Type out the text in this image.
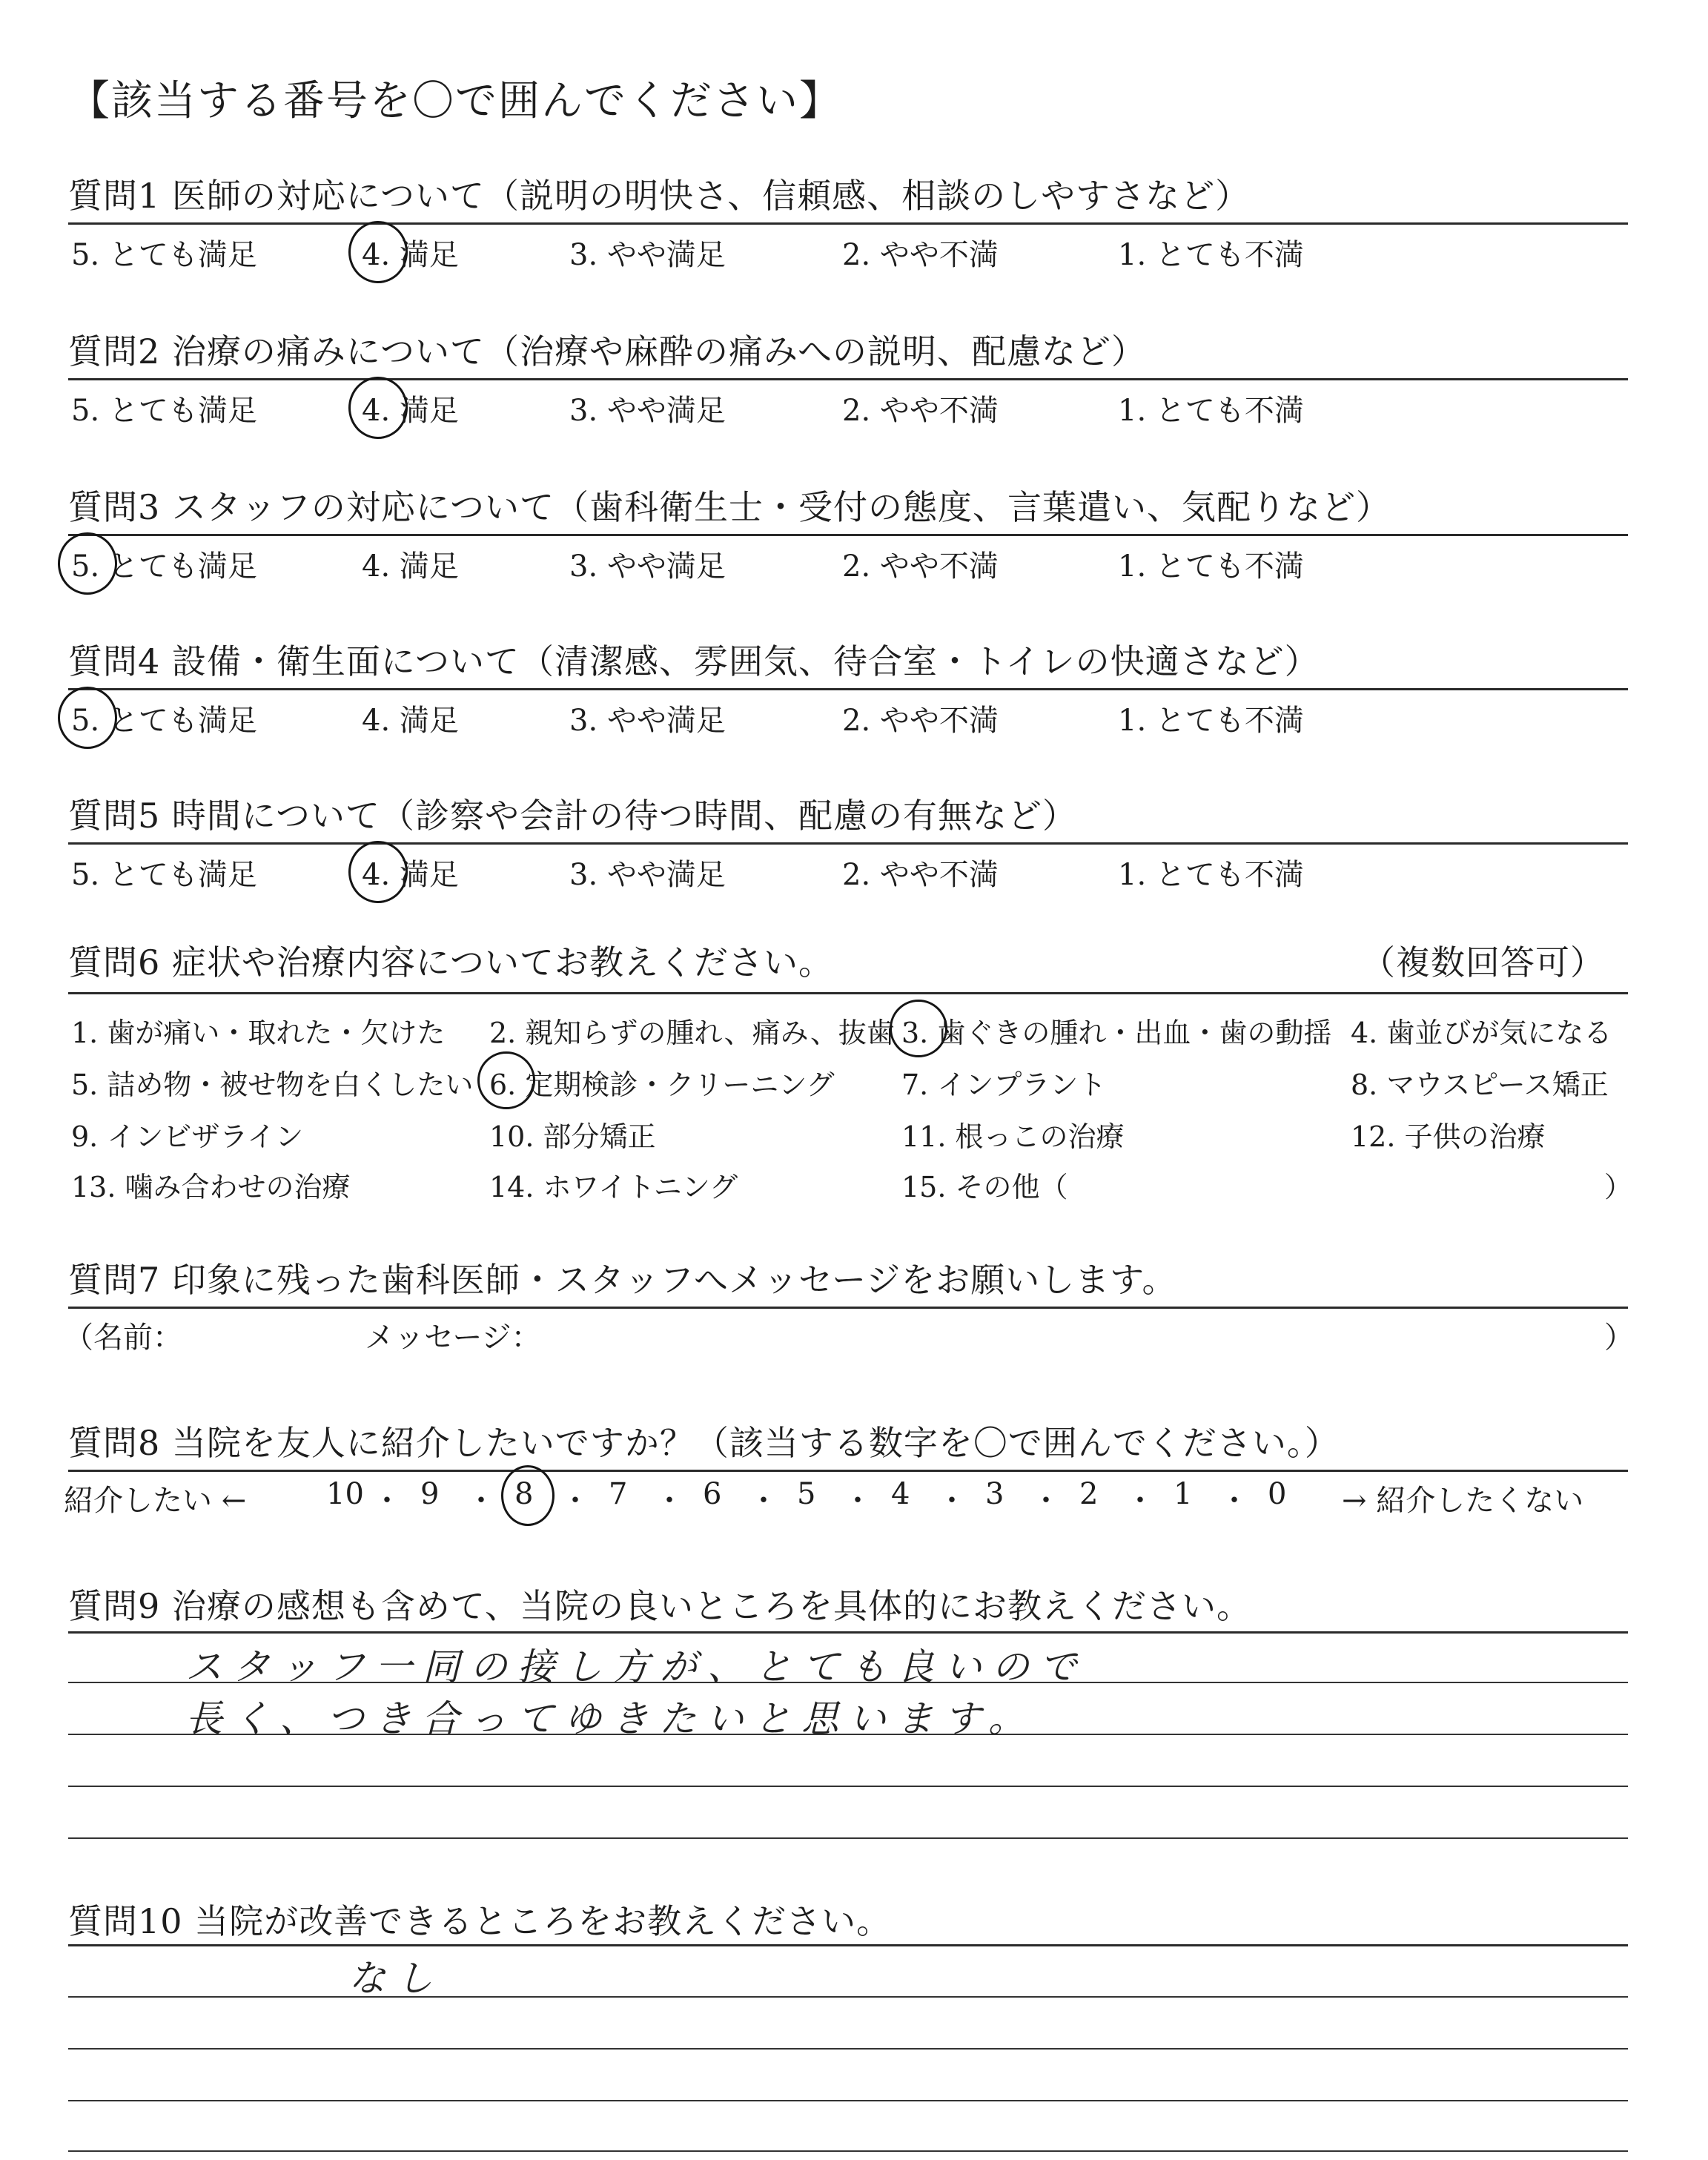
【該当する番号を〇で囲んでください】
質問1 医師の対応について（説明の明快さ、信頼感、相談のしやすさなど）
5. とても満足	4. 満足	3. やや満足	2. やや不満	1. とても不満
質問2 治療の痛みについて（治療や麻酔の痛みへの説明、配慮など）
5. とても満足	4. 満足	3. やや満足	2. やや不満	1. とても不満
質問3 スタッフの対応について（歯科衛生士・受付の態度、言葉遣い、気配りなど）
5. とても満足	4. 満足	3. やや満足	2. やや不満	1. とても不満
質問4 設備・衛生面について（清潔感、雰囲気、待合室・トイレの快適さなど）
5. とても満足	4. 満足	3. やや満足	2. やや不満	1. とても不満
質問5 時間について（診察や会計の待つ時間、配慮の有無など）
5. とても満足	4. 満足	3. やや満足	2. やや不満	1. とても不満
質問6 症状や治療内容についてお教えください。	（複数回答可）
1. 歯が痛い・取れた・欠けた 2. 親知らずの腫れ、痛み、抜歯 3. 歯ぐきの腫れ・出血・歯の動揺 4. 歯並びが気になる
5. 詰め物・被せ物を白くしたい 6. 定期検診・クリーニング 7. インプラント	8. マウスピース矯正
9. インビザライン	10. 部分矯正	11. 根っこの治療	12. 子供の治療
13. 噛み合わせの治療	14. ホワイトニング	15. その他（	）
質問7 印象に残った歯科医師・スタッフへメッセージをお願いします。
（名前：	メッセージ：	）
質問8 当院を友人に紹介したいですか？（該当する数字を〇で囲んでください。）
紹介したい ←	10 ・ 9 ・ 8 ・ 7 ・ 6 ・ 5 ・ 4 ・ 3 ・ 2 ・ 1 ・ 0 → 紹介したくない
質問9 治療の感想も含めて、当院の良いところを具体的にお教えください。
スタッフ一同の接し方が、とても良いので
長く、つき合ってゆきたいと思います。
質問10 当院が改善できるところをお教えください。
なし
